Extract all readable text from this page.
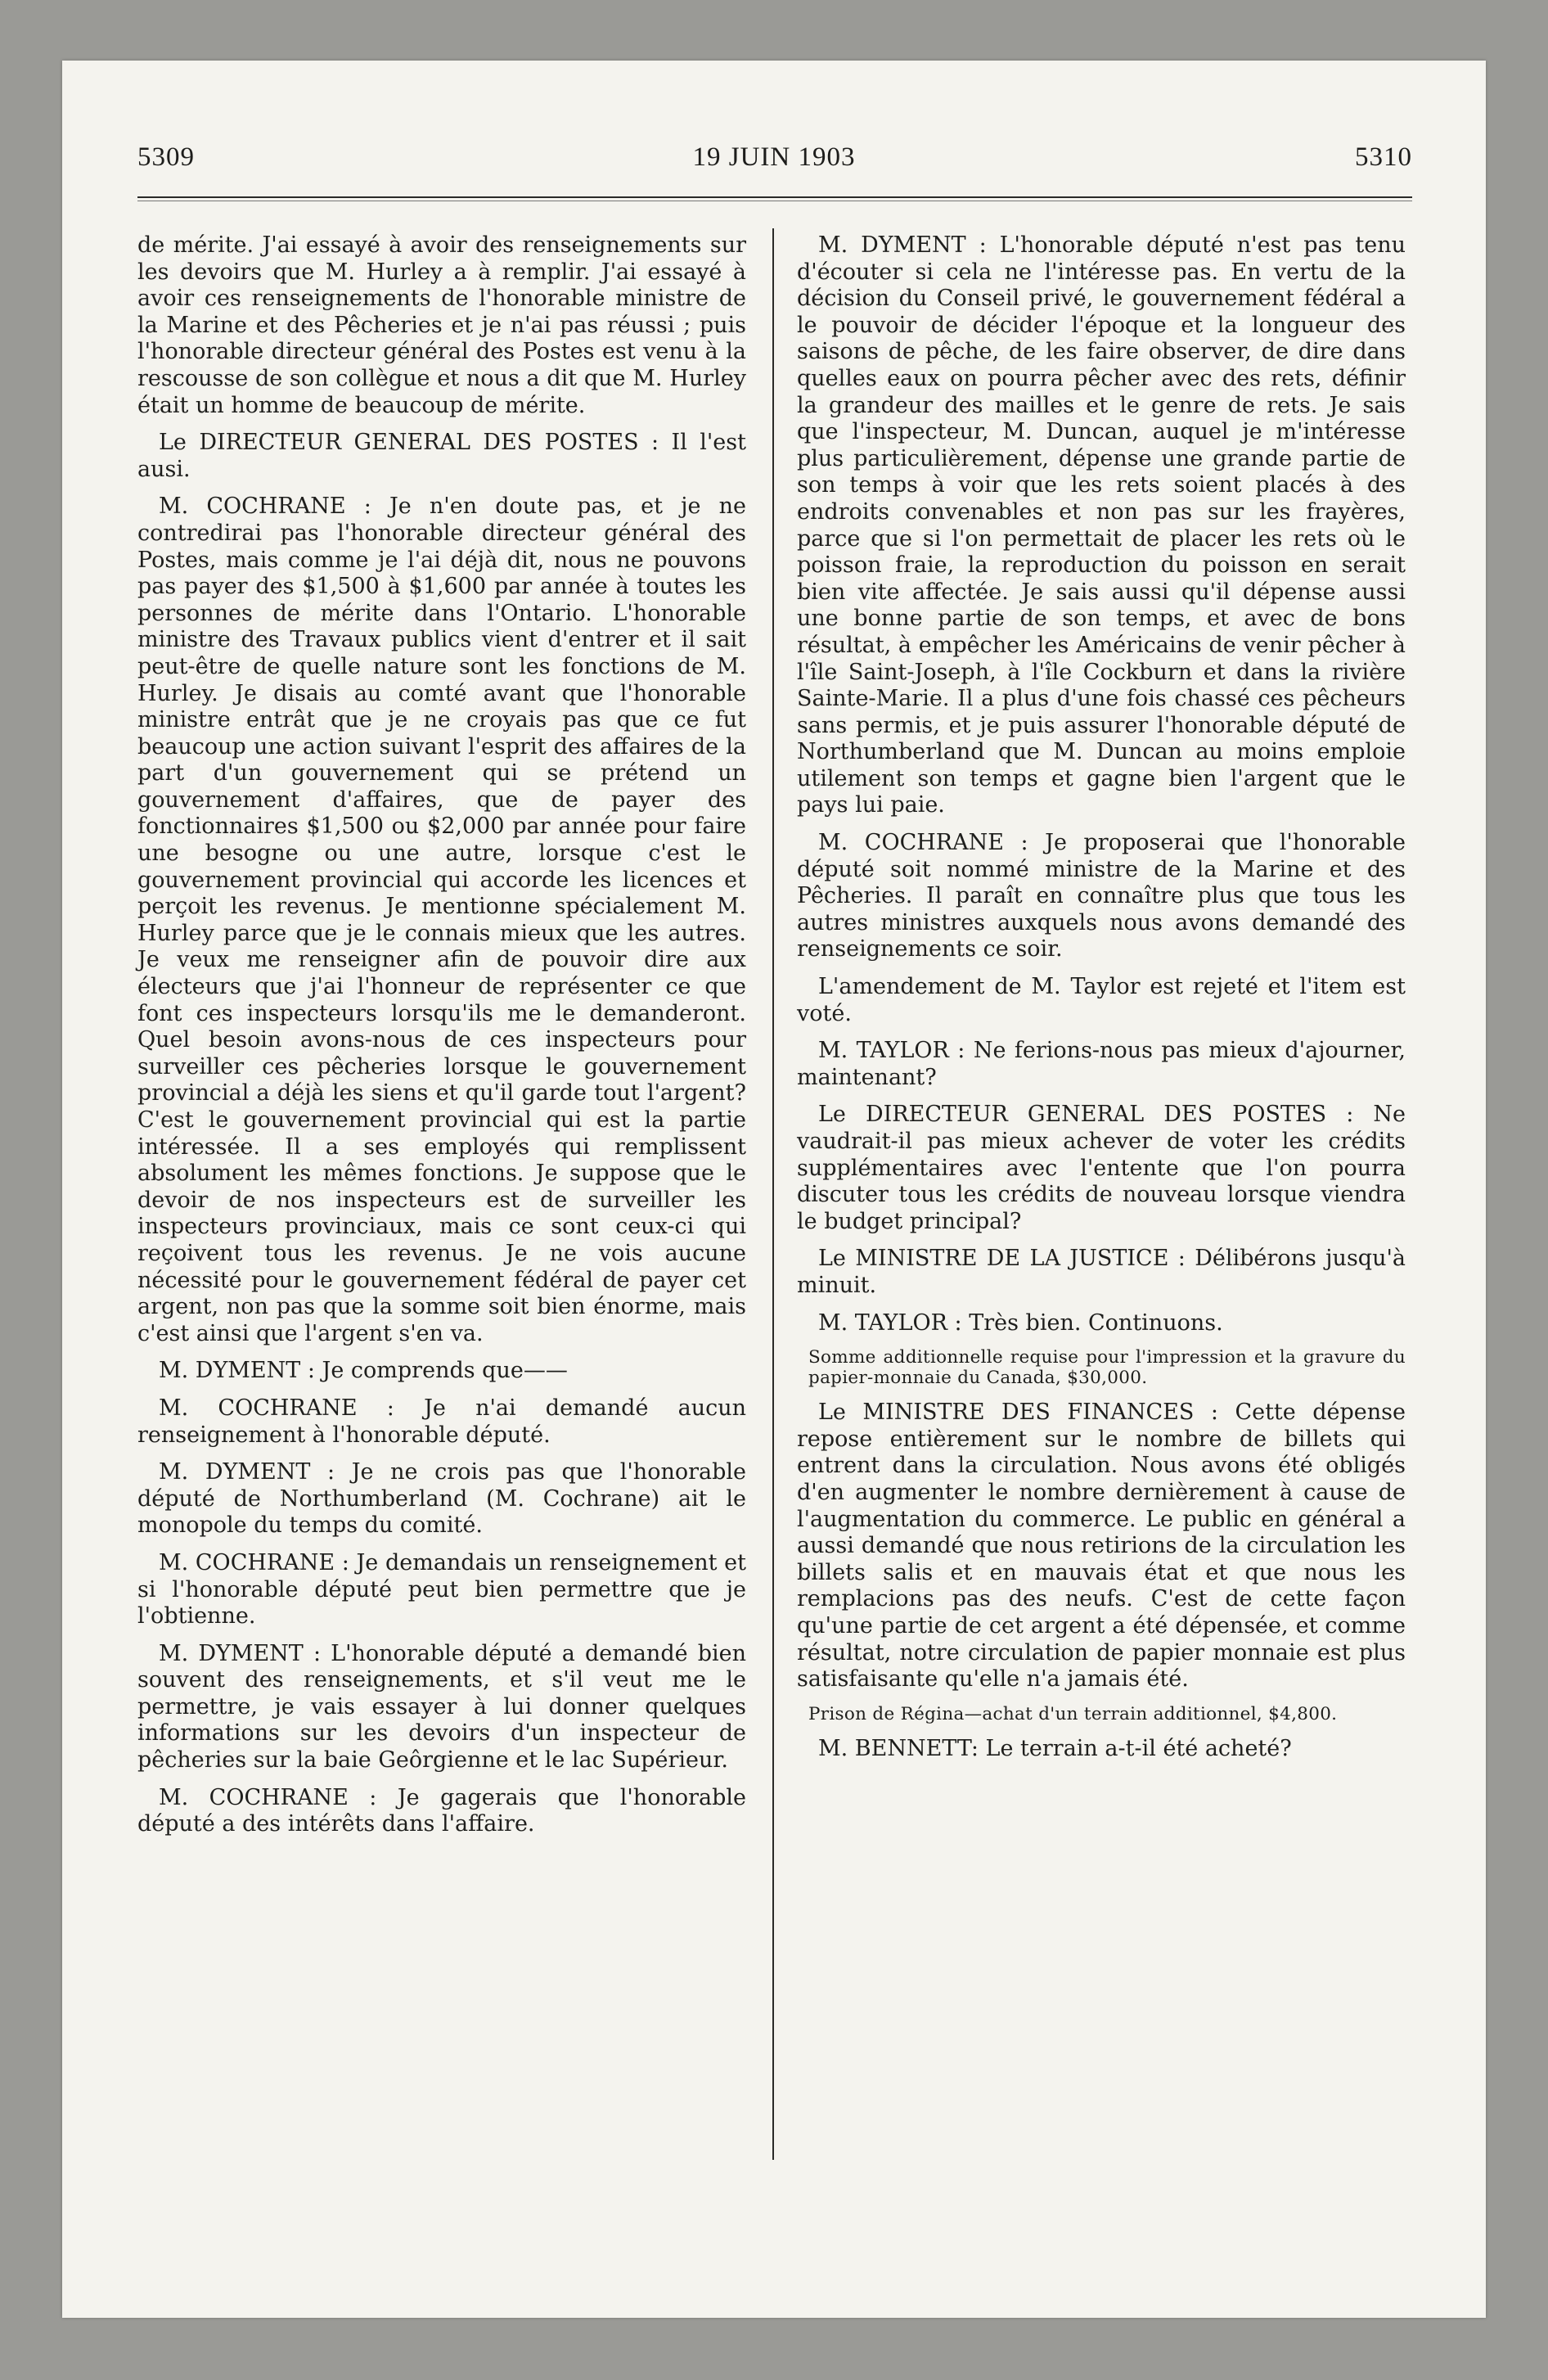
5309	19 JUIN 1903	5310

de mérite. J'ai essayé à avoir des renseignements sur les devoirs que M. Hurley a à remplir. J'ai essayé à avoir ces renseignements de l'honorable ministre de la Marine et des Pêcheries et je n'ai pas réussi ; puis l'honorable directeur général des Postes est venu à la rescousse de son collègue et nous a dit que M. Hurley était un homme de beaucoup de mérite.

Le DIRECTEUR GENERAL DES POSTES : Il l'est ausi.

M. COCHRANE : Je n'en doute pas, et je ne contredirai pas l'honorable directeur général des Postes, mais comme je l'ai déjà dit, nous ne pouvons pas payer des $1,500 à $1,600 par année à toutes les personnes de mérite dans l'Ontario. L'honorable ministre des Travaux publics vient d'entrer et il sait peut-être de quelle nature sont les fonctions de M. Hurley. Je disais au comté avant que l'honorable ministre entrât que je ne croyais pas que ce fut beaucoup une action suivant l'esprit des affaires de la part d'un gouvernement qui se prétend un gouvernement d'affaires, que de payer des fonctionnaires $1,500 ou $2,000 par année pour faire une besogne ou une autre, lorsque c'est le gouvernement provincial qui accorde les licences et perçoit les revenus. Je mentionne spécialement M. Hurley parce que je le connais mieux que les autres. Je veux me renseigner afin de pouvoir dire aux électeurs que j'ai l'honneur de représenter ce que font ces inspecteurs lorsqu'ils me le demanderont. Quel besoin avons-nous de ces inspecteurs pour surveiller ces pêcheries lorsque le gouvernement provincial a déjà les siens et qu'il garde tout l'argent? C'est le gouvernement provincial qui est la partie intéressée. Il a ses employés qui remplissent absolument les mêmes fonctions. Je suppose que le devoir de nos inspecteurs est de surveiller les inspecteurs provinciaux, mais ce sont ceux-ci qui reçoivent tous les revenus. Je ne vois aucune nécessité pour le gouvernement fédéral de payer cet argent, non pas que la somme soit bien énorme, mais c'est ainsi que l'argent s'en va.

M. DYMENT : Je comprends que——

M. COCHRANE : Je n'ai demandé aucun renseignement à l'honorable député.

M. DYMENT : Je ne crois pas que l'honorable député de Northumberland (M. Cochrane) ait le monopole du temps du comité.

M. COCHRANE : Je demandais un renseignement et si l'honorable député peut bien permettre que je l'obtienne.

M. DYMENT : L'honorable député a demandé bien souvent des renseignements, et s'il veut me le permettre, je vais essayer à lui donner quelques informations sur les devoirs d'un inspecteur de pêcheries sur la baie Geôrgienne et le lac Supérieur.

M. COCHRANE : Je gagerais que l'honorable député a des intérêts dans l'affaire.

M. DYMENT : L'honorable député n'est pas tenu d'écouter si cela ne l'intéresse pas. En vertu de la décision du Conseil privé, le gouvernement fédéral a le pouvoir de décider l'époque et la longueur des saisons de pêche, de les faire observer, de dire dans quelles eaux on pourra pêcher avec des rets, définir la grandeur des mailles et le genre de rets. Je sais que l'inspecteur, M. Duncan, auquel je m'intéresse plus particulièrement, dépense une grande partie de son temps à voir que les rets soient placés à des endroits convenables et non pas sur les frayères, parce que si l'on permettait de placer les rets où le poisson fraie, la reproduction du poisson en serait bien vite affectée. Je sais aussi qu'il dépense aussi une bonne partie de son temps, et avec de bons résultat, à empêcher les Américains de venir pêcher à l'île Saint-Joseph, à l'île Cockburn et dans la rivière Sainte-Marie. Il a plus d'une fois chassé ces pêcheurs sans permis, et je puis assurer l'honorable député de Northumberland que M. Duncan au moins emploie utilement son temps et gagne bien l'argent que le pays lui paie.

M. COCHRANE : Je proposerai que l'honorable député soit nommé ministre de la Marine et des Pêcheries. Il paraît en connaître plus que tous les autres ministres auxquels nous avons demandé des renseignements ce soir.

L'amendement de M. Taylor est rejeté et l'item est voté.

M. TAYLOR : Ne ferions-nous pas mieux d'ajourner, maintenant?

Le DIRECTEUR GENERAL DES POSTES : Ne vaudrait-il pas mieux achever de voter les crédits supplémentaires avec l'entente que l'on pourra discuter tous les crédits de nouveau lorsque viendra le budget principal?

Le MINISTRE DE LA JUSTICE : Délibérons jusqu'à minuit.

M. TAYLOR : Très bien. Continuons.

Somme additionnelle requise pour l'impression et la gravure du papier-monnaie du Canada, $30,000.

Le MINISTRE DES FINANCES : Cette dépense repose entièrement sur le nombre de billets qui entrent dans la circulation. Nous avons été obligés d'en augmenter le nombre dernièrement à cause de l'augmentation du commerce. Le public en général a aussi demandé que nous retirions de la circulation les billets salis et en mauvais état et que nous les remplacions pas des neufs. C'est de cette façon qu'une partie de cet argent a été dépensée, et comme résultat, notre circulation de papier monnaie est plus satisfaisante qu'elle n'a jamais été.

Prison de Régina—achat d'un terrain additionnel, $4,800.

M. BENNETT: Le terrain a-t-il été acheté?
